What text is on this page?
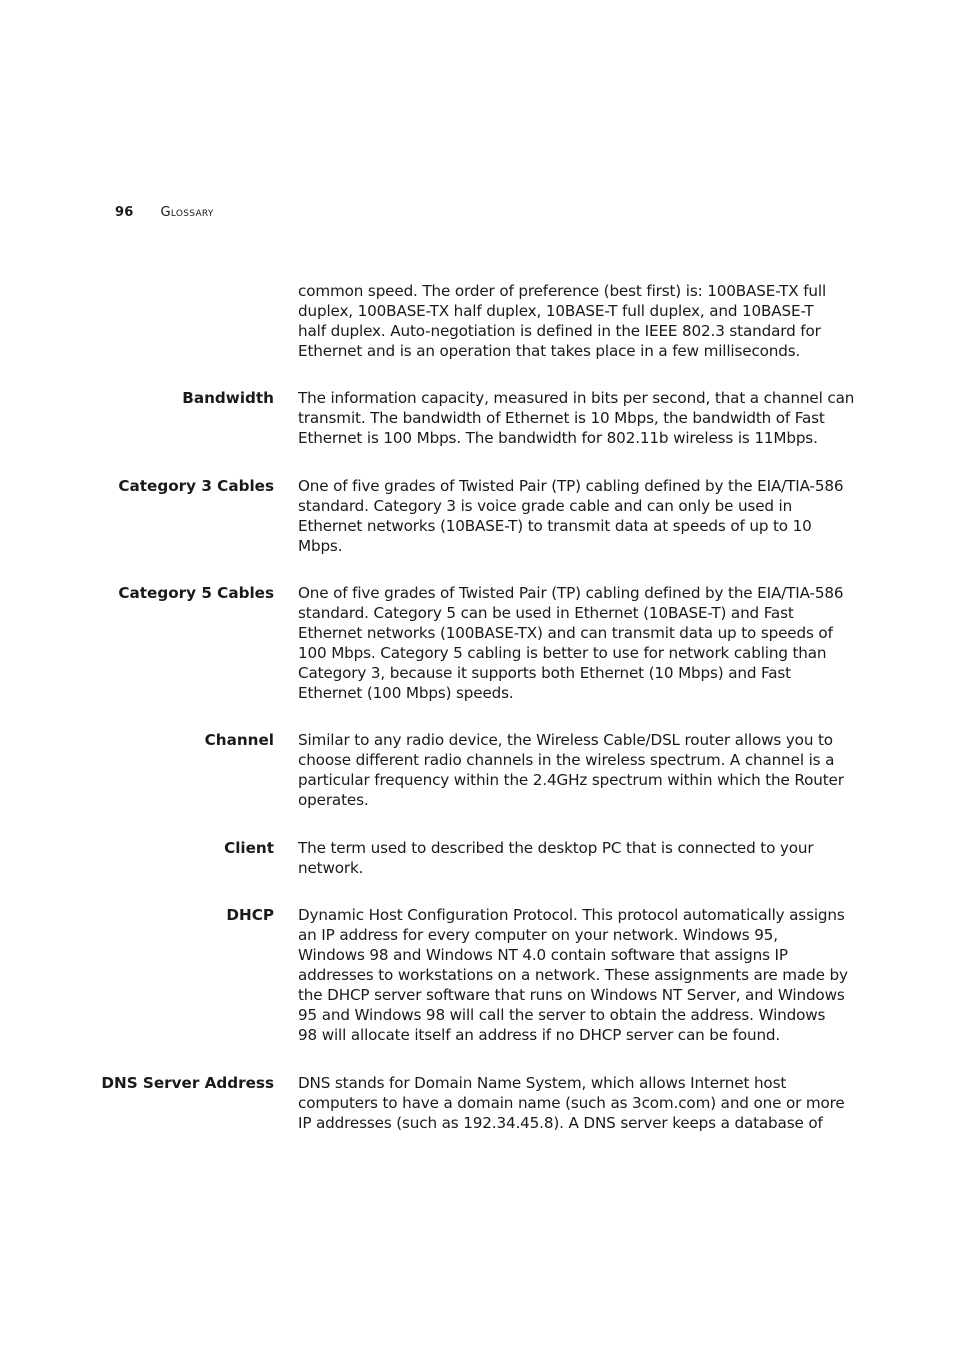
96 Glossary
common speed. The order of preference (best first) is: 100BASE-TX full
duplex, 100BASE-TX half duplex, 10BASE-T full duplex, and 10BASE-T
half duplex. Auto-negotiation is defined in the IEEE 802.3 standard for
Ethernet and is an operation that takes place in a few milliseconds.
Bandwidth The information capacity, measured in bits per second, that a channel can
transmit. The bandwidth of Ethernet is 10 Mbps, the bandwidth of Fast
Ethernet is 100 Mbps. The bandwidth for 802.11b wireless is 11Mbps.
Category 3 Cables One of five grades of Twisted Pair (TP) cabling defined by the EIA/TIA-586
standard. Category 3 is voice grade cable and can only be used in
Ethernet networks (10BASE-T) to transmit data at speeds of up to 10
Mbps.
Category 5 Cables One of five grades of Twisted Pair (TP) cabling defined by the EIA/TIA-586
standard. Category 5 can be used in Ethernet (10BASE-T) and Fast
Ethernet networks (100BASE-TX) and can transmit data up to speeds of
100 Mbps. Category 5 cabling is better to use for network cabling than
Category 3, because it supports both Ethernet (10 Mbps) and Fast
Ethernet (100 Mbps) speeds.
Channel Similar to any radio device, the Wireless Cable/DSL router allows you to
choose different radio channels in the wireless spectrum. A channel is a
particular frequency within the 2.4GHz spectrum within which the Router
operates.
Client The term used to described the desktop PC that is connected to your
network.
DHCP Dynamic Host Configuration Protocol. This protocol automatically assigns
an IP address for every computer on your network. Windows 95,
Windows 98 and Windows NT 4.0 contain software that assigns IP
addresses to workstations on a network. These assignments are made by
the DHCP server software that runs on Windows NT Server, and Windows
95 and Windows 98 will call the server to obtain the address. Windows
98 will allocate itself an address if no DHCP server can be found.
DNS Server Address DNS stands for Domain Name System, which allows Internet host
computers to have a domain name (such as 3com.com) and one or more
IP addresses (such as 192.34.45.8). A DNS server keeps a database of
